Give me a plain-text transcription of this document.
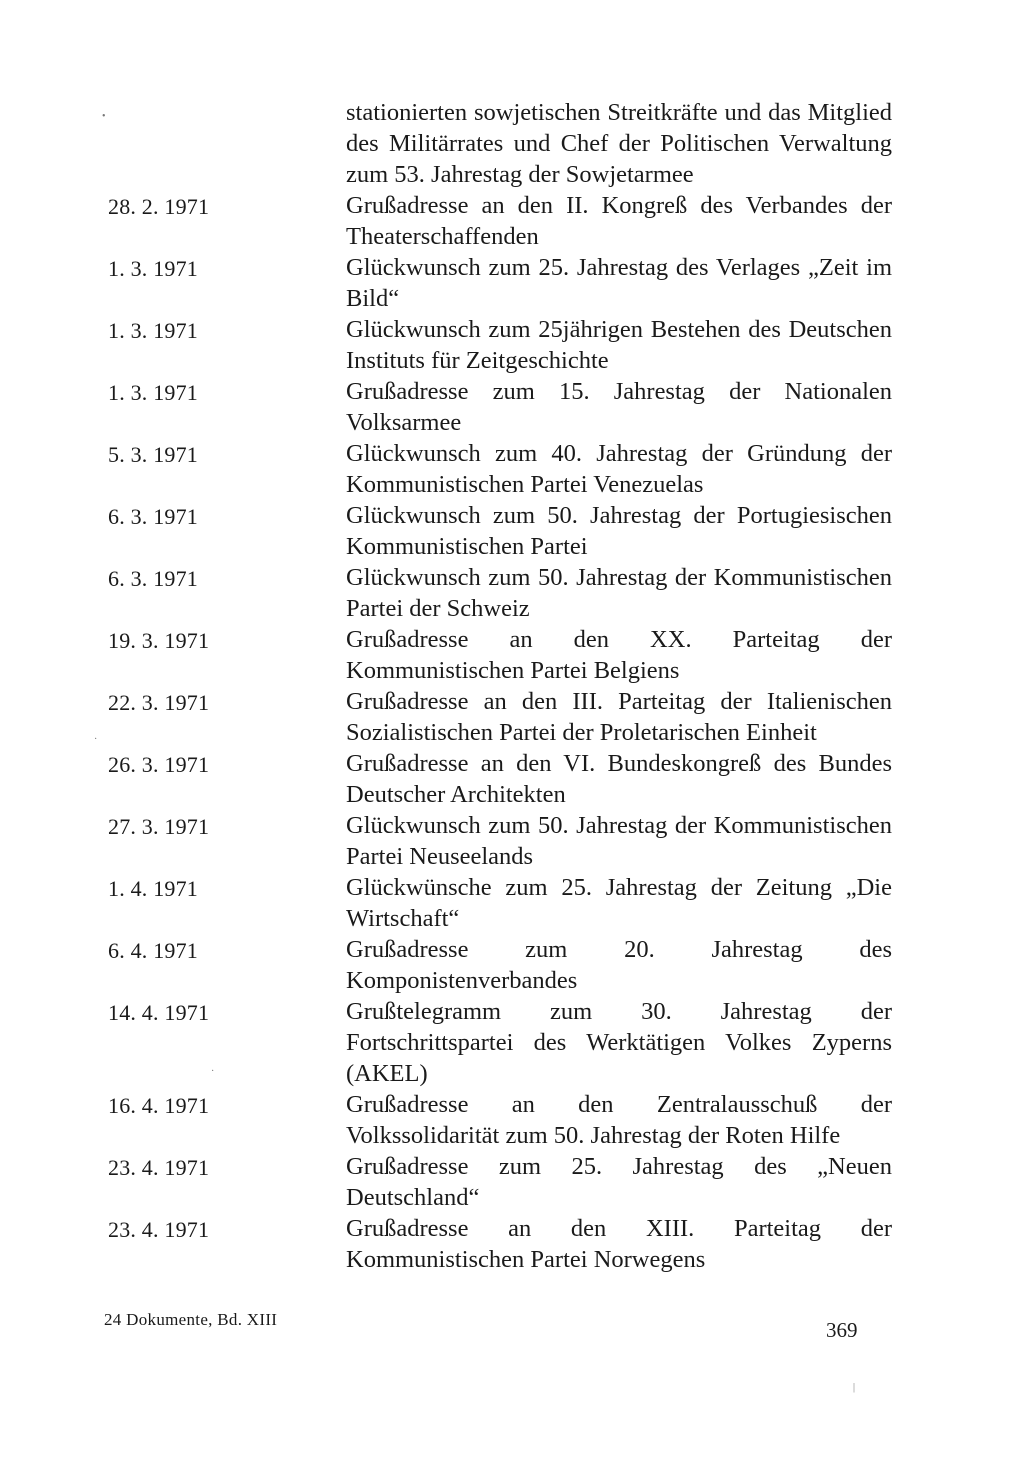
stationierten sowjetischen Streitkräfte und das Mitglied des Militärrates und Chef der Politischen Verwaltung zum 53. Jahrestag der Sowjetarmee
28. 2. 1971	Grußadresse an den II. Kongreß des Verbandes der Theaterschaffenden
1. 3. 1971	Glückwunsch zum 25. Jahrestag des Verlages „Zeit im Bild“
1. 3. 1971	Glückwunsch zum 25jährigen Bestehen des Deutschen Instituts für Zeitgeschichte
1. 3. 1971	Grußadresse zum 15. Jahrestag der Nationalen Volksarmee
5. 3. 1971	Glückwunsch zum 40. Jahrestag der Gründung der Kommunistischen Partei Venezuelas
6. 3. 1971	Glückwunsch zum 50. Jahrestag der Portugiesischen Kommunistischen Partei
6. 3. 1971	Glückwunsch zum 50. Jahrestag der Kommunistischen Partei der Schweiz
19. 3. 1971	Grußadresse an den XX. Parteitag der Kommunistischen Partei Belgiens
22. 3. 1971	Grußadresse an den III. Parteitag der Italienischen Sozialistischen Partei der Proletarischen Einheit
26. 3. 1971	Grußadresse an den VI. Bundeskongreß des Bundes Deutscher Architekten
27. 3. 1971	Glückwunsch zum 50. Jahrestag der Kommunistischen Partei Neuseelands
1. 4. 1971	Glückwünsche zum 25. Jahrestag der Zeitung „Die Wirtschaft“
6. 4. 1971	Grußadresse zum 20. Jahrestag des Komponistenverbandes
14. 4. 1971	Grußtelegramm zum 30. Jahrestag der Fortschrittspartei des Werktätigen Volkes Zyperns (AKEL)
16. 4. 1971	Grußadresse an den Zentralausschuß der Volkssolidarität zum 50. Jahrestag der Roten Hilfe
23. 4. 1971	Grußadresse zum 25. Jahrestag des „Neuen Deutschland“
23. 4. 1971	Grußadresse an den XIII. Parteitag der Kommunistischen Partei Norwegens
24 Dokumente, Bd. XIII	369
•
·
·
|
